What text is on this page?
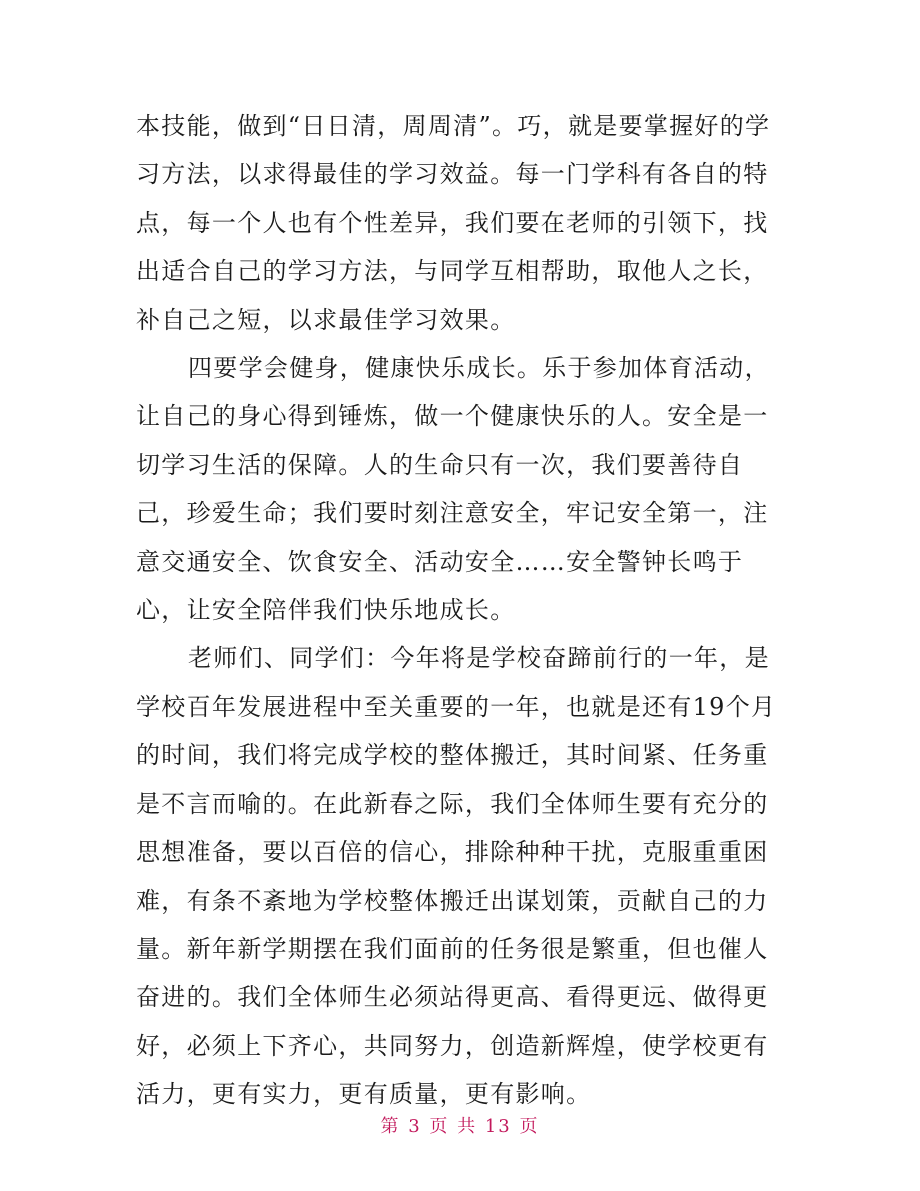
本技能，做到“日日清，周周清”。巧，就是要掌握好的学习方法，以求得最佳的学习效益。每一门学科有各自的特点，每一个人也有个性差异，我们要在老师的引领下，找出适合自己的学习方法，与同学互相帮助，取他人之长，补自己之短，以求最佳学习效果。

四要学会健身，健康快乐成长。乐于参加体育活动，让自己的身心得到锤炼，做一个健康快乐的人。安全是一切学习生活的保障。人的生命只有一次，我们要善待自己，珍爱生命；我们要时刻注意安全，牢记安全第一，注意交通安全、饮食安全、活动安全……安全警钟长鸣于心，让安全陪伴我们快乐地成长。

老师们、同学们：今年将是学校奋蹄前行的一年，是学校百年发展进程中至关重要的一年，也就是还有19个月的时间，我们将完成学校的整体搬迁，其时间紧、任务重是不言而喻的。在此新春之际，我们全体师生要有充分的思想准备，要以百倍的信心，排除种种干扰，克服重重困难，有条不紊地为学校整体搬迁出谋划策，贡献自己的力量。新年新学期摆在我们面前的任务很是繁重，但也催人奋进的。我们全体师生必须站得更高、看得更远、做得更好，必须上下齐心，共同努力，创造新辉煌，使学校更有活力，更有实力，更有质量，更有影响。

第 3 页 共 13 页
